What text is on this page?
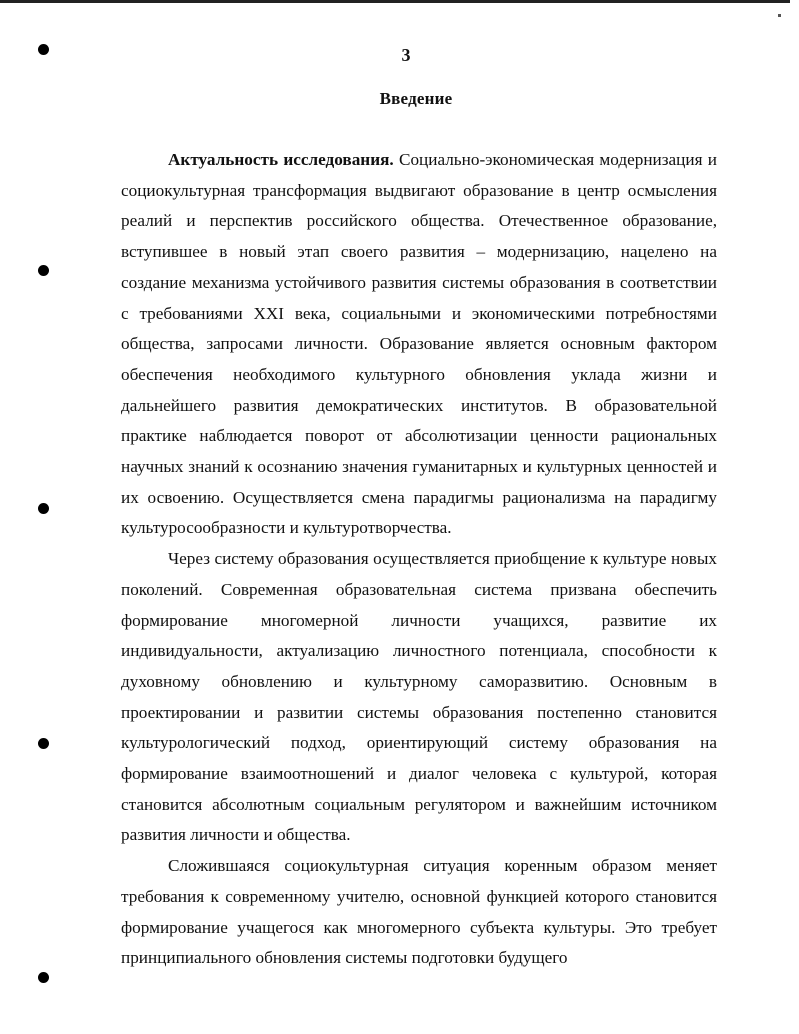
3
Введение

Актуальность исследования. Социально-экономическая модернизация и социокультурная трансформация выдвигают образование в центр осмысления реалий и перспектив российского общества. Отечественное образование, вступившее в новый этап своего развития – модернизацию, нацелено на создание механизма устойчивого развития системы образования в соответствии с требованиями XXI века, социальными и экономическими потребностями общества, запросами личности. Образование является основным фактором обеспечения необходимого культурного обновления уклада жизни и дальнейшего развития демократических институтов. В образовательной практике наблюдается поворот от абсолютизации ценности рациональных научных знаний к осознанию значения гуманитарных и культурных ценностей и их освоению. Осуществляется смена парадигмы рационализма на парадигму культуросообразности и культуротворчества.

Через систему образования осуществляется приобщение к культуре новых поколений. Современная образовательная система призвана обеспечить формирование многомерной личности учащихся, развитие их индивидуальности, актуализацию личностного потенциала, способности к духовному обновлению и культурному саморазвитию. Основным в проектировании и развитии системы образования постепенно становится культурологический подход, ориентирующий систему образования на формирование взаимоотношений и диалог человека с культурой, которая становится абсолютным социальным регулятором и важнейшим источником развития личности и общества.

Сложившаяся социокультурная ситуация коренным образом меняет требования к современному учителю, основной функцией которого становится формирование учащегося как многомерного субъекта культуры. Это требует принципиального обновления системы подготовки будущего
